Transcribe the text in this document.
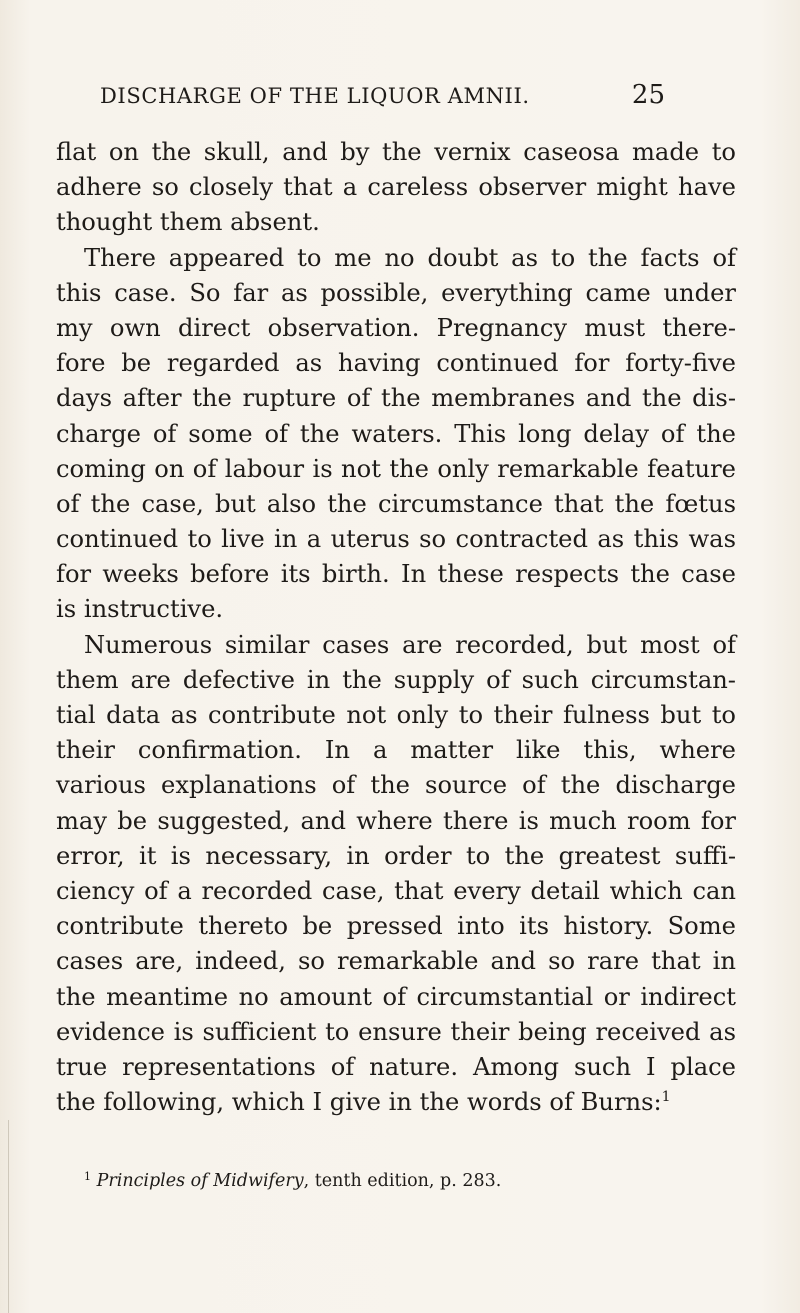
DISCHARGE OF THE LIQUOR AMNII.	25
flat on the skull, and by the vernix caseosa made to
adhere so closely that a careless observer might have
thought them absent.
There appeared to me no doubt as to the facts of
this case. So far as possible, everything came under
my own direct observation. Pregnancy must there-
fore be regarded as having continued for forty-five
days after the rupture of the membranes and the dis-
charge of some of the waters. This long delay of the
coming on of labour is not the only remarkable feature
of the case, but also the circumstance that the fœtus
continued to live in a uterus so contracted as this was
for weeks before its birth. In these respects the case
is instructive.
Numerous similar cases are recorded, but most of
them are defective in the supply of such circumstan-
tial data as contribute not only to their fulness but to
their confirmation. In a matter like this, where
various explanations of the source of the discharge
may be suggested, and where there is much room for
error, it is necessary, in order to the greatest suffi-
ciency of a recorded case, that every detail which can
contribute thereto be pressed into its history. Some
cases are, indeed, so remarkable and so rare that in
the meantime no amount of circumstantial or indirect
evidence is sufficient to ensure their being received as
true representations of nature. Among such I place
the following, which I give in the words of Burns:$^1$
$^1$ Principles of Midwifery, tenth edition, p. 283.
